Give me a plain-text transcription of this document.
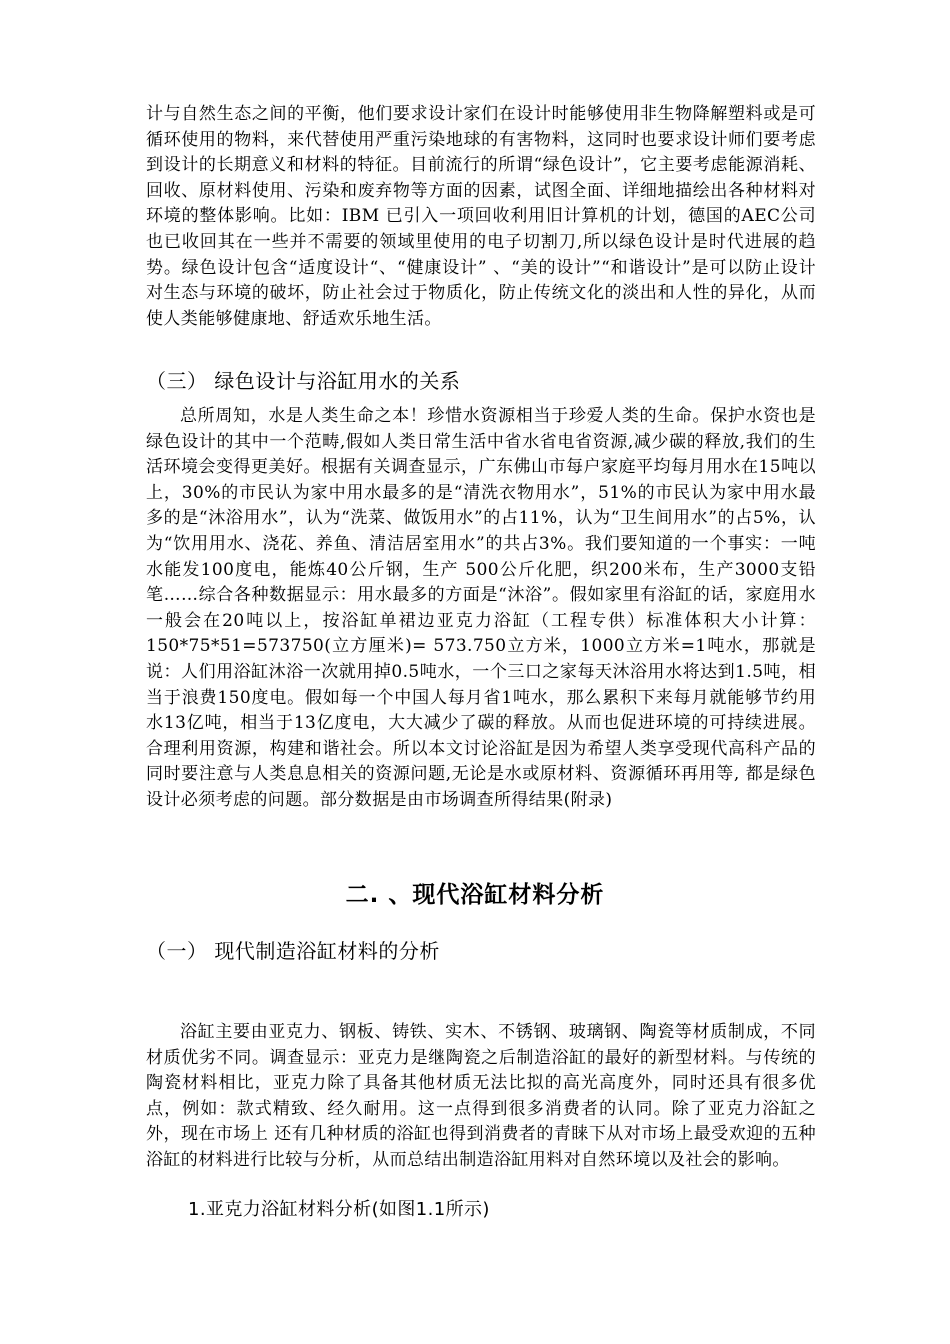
计与自然生态之间的平衡，他们要求设计家们在设计时能够使用非生物降解塑料或是可循环使用的物料，来代替使用严重污染地球的有害物料，这同时也要求设计师们要考虑到设计的长期意义和材料的特征。目前流行的所谓“绿色设计”，它主要考虑能源消耗、回收、原材料使用、污染和废弃物等方面的因素，试图全面、详细地描绘出各种材料对环境的整体影响。比如：IBM 已引入一项回收利用旧计算机的计划，德国的AEC公司也已收回其在一些并不需要的领域里使用的电子切割刀,所以绿色设计是时代进展的趋势。绿色设计包含“适度设计“、“健康设计” 、“美的设计”“和谐设计”是可以防止设计对生态与环境的破坏，防止社会过于物质化，防止传统文化的淡出和人性的异化，从而使人类能够健康地、舒适欢乐地生活。

（三） 绿色设计与浴缸用水的关系

总所周知，水是人类生命之本！珍惜水资源相当于珍爱人类的生命。保护水资也是绿色设计的其中一个范畴,假如人类日常生活中省水省电省资源,减少碳的释放,我们的生活环境会变得更美好。根据有关调查显示，广东佛山市每户家庭平均每月用水在15吨以上，30%的市民认为家中用水最多的是“清洗衣物用水”，51%的市民认为家中用水最多的是“沐浴用水”，认为“洗菜、做饭用水”的占11%，认为“卫生间用水”的占5%，认为“饮用用水、浇花、养鱼、清洁居室用水”的共占3%。我们要知道的一个事实：一吨水能发100度电，能炼40公斤钢，生产 500公斤化肥，织200米布，生产3000支铅笔……综合各种数据显示：用水最多的方面是“沐浴”。假如家里有浴缸的话，家庭用水一般会在20吨以上，按浴缸单裙边亚克力浴缸（工程专供）标准体积大小计算：150*75*51=573750(立方厘米)= 573.750立方米，1000立方米=1吨水，那就是说：人们用浴缸沐浴一次就用掉0.5吨水，一个三口之家每天沐浴用水将达到1.5吨，相当于浪费150度电。假如每一个中国人每月省1吨水，那么累积下来每月就能够节约用水13亿吨，相当于13亿度电，大大减少了碳的释放。从而也促进环境的可持续进展。合理利用资源，构建和谐社会。所以本文讨论浴缸是因为希望人类享受现代高科产品的同时要注意与人类息息相关的资源问题,无论是水或原材料、资源循环再用等, 都是绿色设计必须考虑的问题。部分数据是由市场调查所得结果(附录)

二. 、现代浴缸材料分析
（一） 现代制造浴缸材料的分析

浴缸主要由亚克力、钢板、铸铁、实木、不锈钢、玻璃钢、陶瓷等材质制成，不同材质优劣不同。调查显示：亚克力是继陶瓷之后制造浴缸的最好的新型材料。与传统的陶瓷材料相比，亚克力除了具备其他材质无法比拟的高光高度外，同时还具有很多优点，例如：款式精致、经久耐用。这一点得到很多消费者的认同。除了亚克力浴缸之外，现在市场上 还有几种材质的浴缸也得到消费者的青睐下从对市场上最受欢迎的五种浴缸的材料进行比较与分析，从而总结出制造浴缸用料对自然环境以及社会的影响。

1.亚克力浴缸材料分析(如图1.1所示)
